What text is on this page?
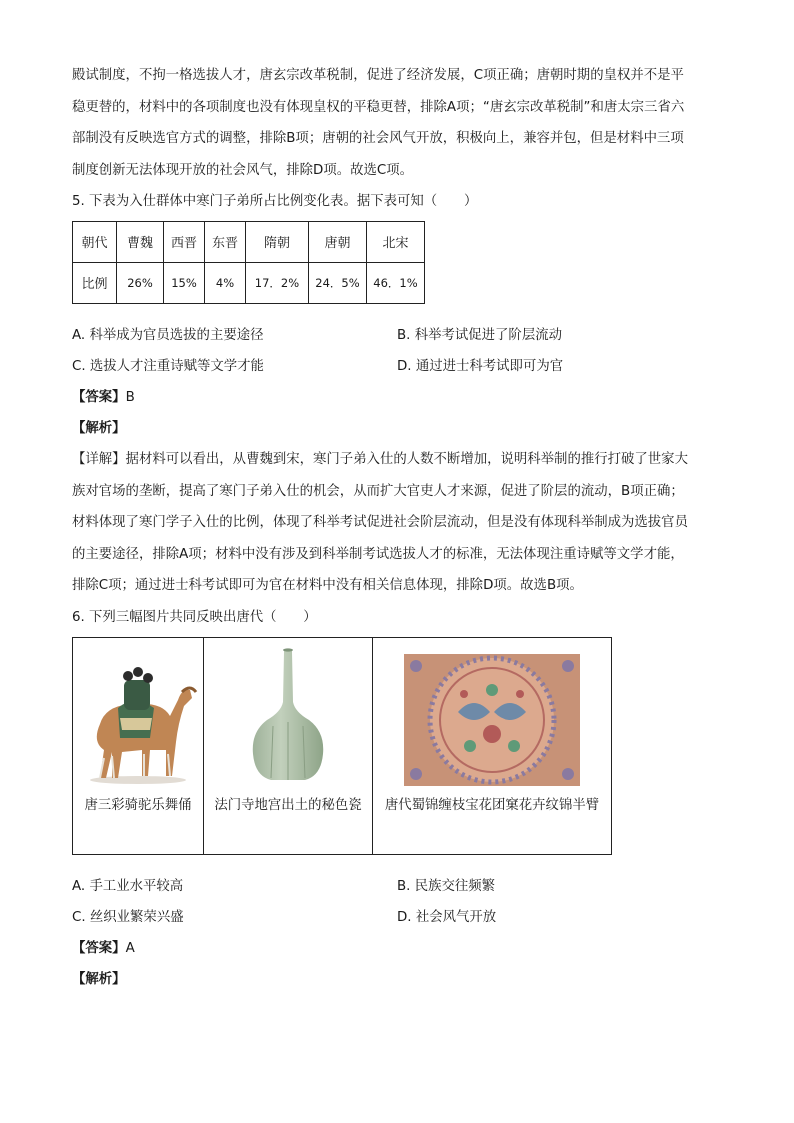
殿试制度，不拘一格选拔人才，唐玄宗改革税制，促进了经济发展，C项正确；唐朝时期的皇权并不是平
稳更替的，材料中的各项制度也没有体现皇权的平稳更替，排除A项；“唐玄宗改革税制”和唐太宗三省六
部制没有反映选官方式的调整，排除B项；唐朝的社会风气开放，积极向上，兼容并包，但是材料中三项
制度创新无法体现开放的社会风气，排除D项。故选C项。
5. 下表为入仕群体中寒门子弟所占比例变化表。据下表可知（　　）
朝代	曹魏	西晋	东晋	隋朝	唐朝	北宋
比例	26%	15%	4%	17．2%	24．5%	46．1%
A. 科举成为官员选拔的主要途径	B. 科举考试促进了阶层流动
C. 选拔人才注重诗赋等文学才能	D. 通过进士科考试即可为官
【答案】B
【解析】
【详解】据材料可以看出，从曹魏到宋，寒门子弟入仕的人数不断增加，说明科举制的推行打破了世家大
族对官场的垄断，提高了寒门子弟入仕的机会，从而扩大官吏人才来源，促进了阶层的流动，B项正确；
材料体现了寒门学子入仕的比例，体现了科举考试促进社会阶层流动，但是没有体现科举制成为选拔官员
的主要途径，排除A项；材料中没有涉及到科举制考试选拔人才的标准，无法体现注重诗赋等文学才能，
排除C项；通过进士科考试即可为官在材料中没有相关信息体现，排除D项。故选B项。
6. 下列三幅图片共同反映出唐代（　　）
唐三彩骑驼乐舞俑	法门寺地宫出土的秘色瓷	唐代蜀锦缠枝宝花团窠花卉纹锦半臂
A. 手工业水平较高	B. 民族交往频繁
C. 丝织业繁荣兴盛	D. 社会风气开放
【答案】A
【解析】
